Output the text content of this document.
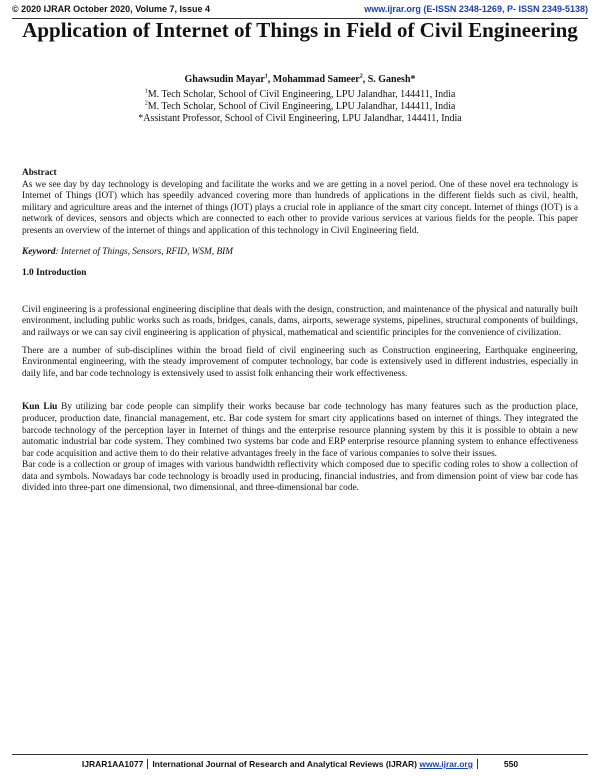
© 2020 IJRAR October 2020, Volume 7, Issue 4	www.ijrar.org (E-ISSN 2348-1269, P- ISSN 2349-5138)
Application of Internet of Things in Field of Civil Engineering
Ghawsudin Mayar$^1$, Mohammad Sameer$^2$, S. Ganesh*
$^1$M. Tech Scholar, School of Civil Engineering, LPU Jalandhar, 144411, India
$^2$M. Tech Scholar, School of Civil Engineering, LPU Jalandhar, 144411, India
*Assistant Professor, School of Civil Engineering, LPU Jalandhar, 144411, India

Abstract

As we see day by day technology is developing and facilitate the works and we are getting in a novel period. One of these novel era technology is Internet of Things (IOT) which has speedily advanced covering more than hundreds of applications in the different fields such as civil, health, military and agriculture areas and the internet of things (IOT) plays a crucial role in appliance of the smart city concept. Internet of things (IOT) is a network of devices, sensors and objects which are connected to each other to provide various services at various fields for the people. This paper presents an overview of the internet of things and application of this technology in Civil Engineering field.

Keyword: Internet of Things, Sensors, RFID, WSM, BIM

1.0 Introduction

Civil engineering is a professional engineering discipline that deals with the design, construction, and maintenance of the physical and naturally built environment, including public works such as roads, bridges, canals, dams, airports, sewerage systems, pipelines, structural components of buildings, and railways or we can say civil engineering is application of physical, mathematical and scientific principles for the convenience of civilization.

There are a number of sub-disciplines within the broad field of civil engineering such as Construction engineering, Earthquake engineering, Environmental engineering, with the steady improvement of computer technology, bar code is extensively used in different industries, especially in daily life, and bar code technology is extensively used to assist folk enhancing their work effectiveness.

Kun Liu By utilizing bar code people can simplify their works because bar code technology has many features such as the production place, producer, production date, financial management, etc. Bar code system for smart city applications based on internet of things. They integrated the barcode technology of the perception layer in Internet of things and the enterprise resource planning system by this it is possible to obtain a new automatic industrial bar code system. They combined two systems bar code and ERP enterprise resource planning system to enhance effectiveness bar code acquisition and active them to do their relative advantages freely in the face of various companies to solve their issues.

Bar code is a collection or group of images with various bandwidth reflectivity which composed due to specific coding roles to show a collection of data and symbols. Nowadays bar code technology is broadly used in producing, financial industries, and from dimension point of view bar code has divided into three-part one dimensional, two dimensional, and three-dimensional bar code.

IJRAR1AA1077 International Journal of Research and Analytical Reviews (IJRAR)
www.ijrar.org	550
